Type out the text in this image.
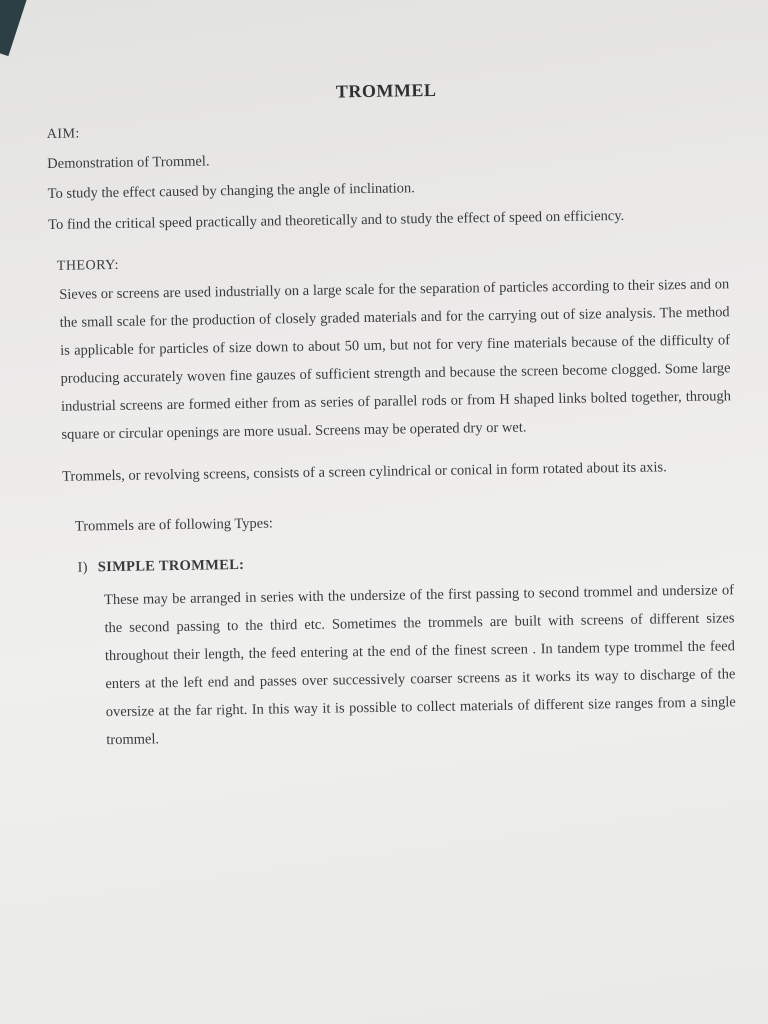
TROMMEL
AIM:

Demonstration of Trommel.

To study the effect caused by changing the angle of inclination.

To find the critical speed practically and theoretically and to study the effect of speed on efficiency.

THEORY:

Sieves or screens are used industrially on a large scale for the separation of particles according to their sizes and on the small scale for the production of closely graded materials and for the carrying out of size analysis. The method is applicable for particles of size down to about 50 um, but not for very fine materials because of the difficulty of producing accurately woven fine gauzes of sufficient strength and because the screen become clogged. Some large industrial screens are formed either from as series of parallel rods or from H shaped links bolted together, through square or circular openings are more usual. Screens may be operated dry or wet.

Trommels, or revolving screens, consists of a screen cylindrical or conical in form rotated about its axis.

Trommels are of following Types:

I) SIMPLE TROMMEL:

These may be arranged in series with the undersize of the first passing to second trommel and undersize of the second passing to the third etc. Sometimes the trommels are built with screens of different sizes throughout their length, the feed entering at the end of the finest screen . In tandem type trommel the feed enters at the left end and passes over successively coarser screens as it works its way to discharge of the oversize at the far right. In this way it is possible to collect materials of different size ranges from a single trommel.
